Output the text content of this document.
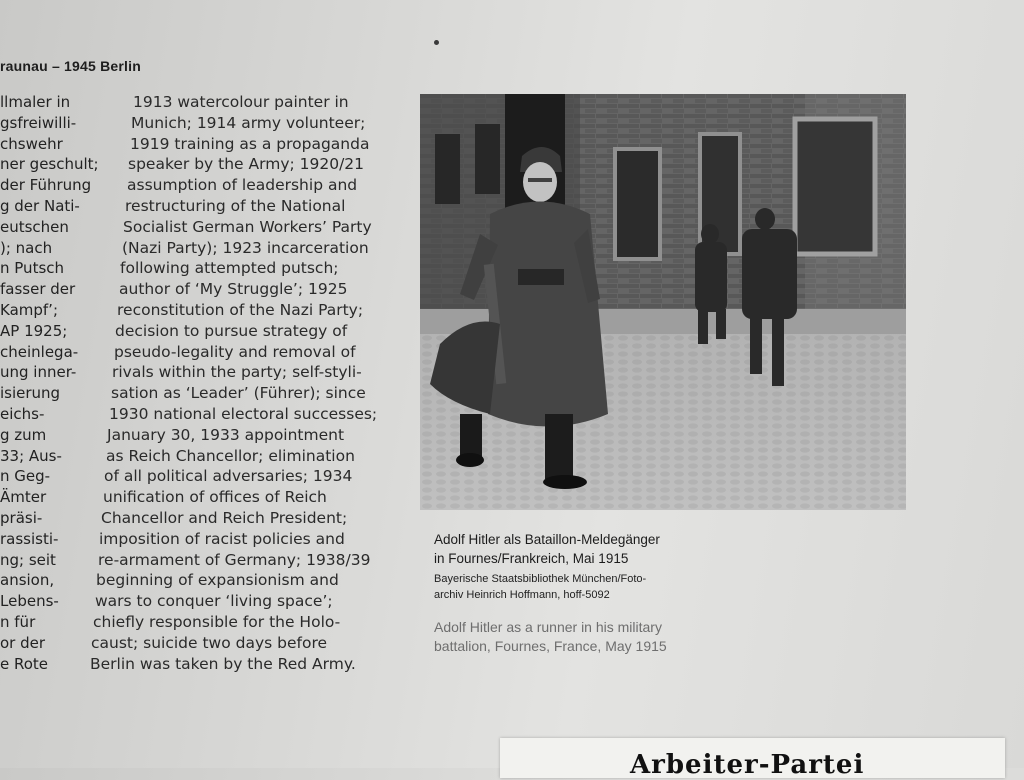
raunau – 1945 Berlin
llmaler in
gsfreiwilli-
chswehr
ner geschult;
der Führung
g der Nati-
eutschen
); nach
n Putsch
fasser der
Kampf’;
AP 1925;
cheinlega-
ung inner-
isierung
eichs-
g zum
33; Aus-
n Geg-
Ämter
präsi-
rassisti-
ng; seit
ansion,
Lebens-
n für
or der
e Rote
1913 watercolour painter in
Munich; 1914 army volunteer;
1919 training as a propaganda
speaker by the Army; 1920/21
assumption of leadership and
restructuring of the National
Socialist German Workers’ Party
(Nazi Party); 1923 incarceration
following attempted putsch;
author of ‘My Struggle’; 1925
reconstitution of the Nazi Party;
decision to pursue strategy of
pseudo-legality and removal of
rivals within the party; self-styli-
sation as ‘Leader’ (Führer); since
1930 national electoral successes;
January 30, 1933 appointment
as Reich Chancellor; elimination
of all political adversaries; 1934
unification of offices of Reich
Chancellor and Reich President;
imposition of racist policies and
re-armament of Germany; 1938/39
beginning of expansionism and
wars to conquer ‘living space’;
chiefly responsible for the Holo-
caust; suicide two days before
Berlin was taken by the Red Army.
Adolf Hitler als Bataillon-Meldegänger
in Fournes/Frankreich, Mai 1915
Bayerische Staatsbibliothek München/Foto-
archiv Heinrich Hoffmann, hoff-5092
Adolf Hitler as a runner in his military
battalion, Fournes, France, May 1915
Arbeiter-Partei
